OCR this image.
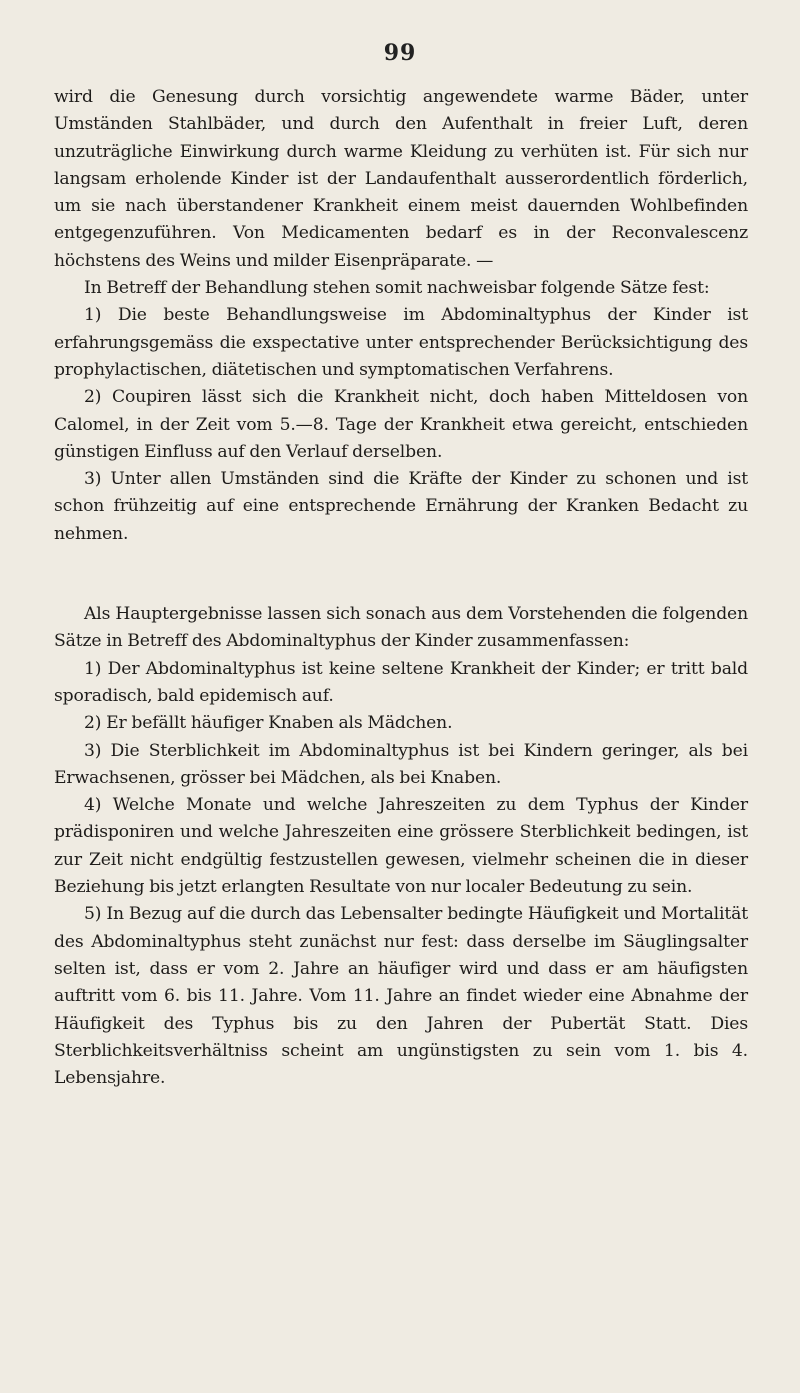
99

wird die Genesung durch vorsichtig angewendete warme Bäder, unter Umständen Stahlbäder, und durch den Aufenthalt in freier Luft, deren unzuträgliche Einwirkung durch warme Kleidung zu verhüten ist. Für sich nur langsam erholende Kinder ist der Landaufenthalt ausserordentlich förderlich, um sie nach überstandener Krankheit einem meist dauernden Wohlbefinden entgegenzuführen. Von Medicamenten bedarf es in der Reconvalescenz höchstens des Weins und milder Eisenpräparate. —

In Betreff der Behandlung stehen somit nachweisbar folgende Sätze fest:

1) Die beste Behandlungsweise im Abdominaltyphus der Kinder ist erfahrungsgemäss die exspectative unter entsprechender Berücksichtigung des prophylactischen, diätetischen und symptomatischen Verfahrens.

2) Coupiren lässt sich die Krankheit nicht, doch haben Mitteldosen von Calomel, in der Zeit vom 5.—8. Tage der Krankheit etwa gereicht, entschieden günstigen Einfluss auf den Verlauf derselben.

3) Unter allen Umständen sind die Kräfte der Kinder zu schonen und ist schon frühzeitig auf eine entsprechende Ernährung der Kranken Bedacht zu nehmen.

Als Hauptergebnisse lassen sich sonach aus dem Vorstehenden die folgenden Sätze in Betreff des Abdominaltyphus der Kinder zusammenfassen:

1) Der Abdominaltyphus ist keine seltene Krankheit der Kinder; er tritt bald sporadisch, bald epidemisch auf.

2) Er befällt häufiger Knaben als Mädchen.

3) Die Sterblichkeit im Abdominaltyphus ist bei Kindern geringer, als bei Erwachsenen, grösser bei Mädchen, als bei Knaben.

4) Welche Monate und welche Jahreszeiten zu dem Typhus der Kinder prädisponiren und welche Jahreszeiten eine grössere Sterblichkeit bedingen, ist zur Zeit nicht endgültig festzustellen gewesen, vielmehr scheinen die in dieser Beziehung bis jetzt erlangten Resultate von nur localer Bedeutung zu sein.

5) In Bezug auf die durch das Lebensalter bedingte Häufigkeit und Mortalität des Abdominaltyphus steht zunächst nur fest: dass derselbe im Säuglingsalter selten ist, dass er vom 2. Jahre an häufiger wird und dass er am häufigsten auftritt vom 6. bis 11. Jahre. Vom 11. Jahre an findet wieder eine Abnahme der Häufigkeit des Typhus bis zu den Jahren der Pubertät Statt. Dies Sterblichkeitsverhältniss scheint am ungünstigsten zu sein vom 1. bis 4. Lebensjahre.
